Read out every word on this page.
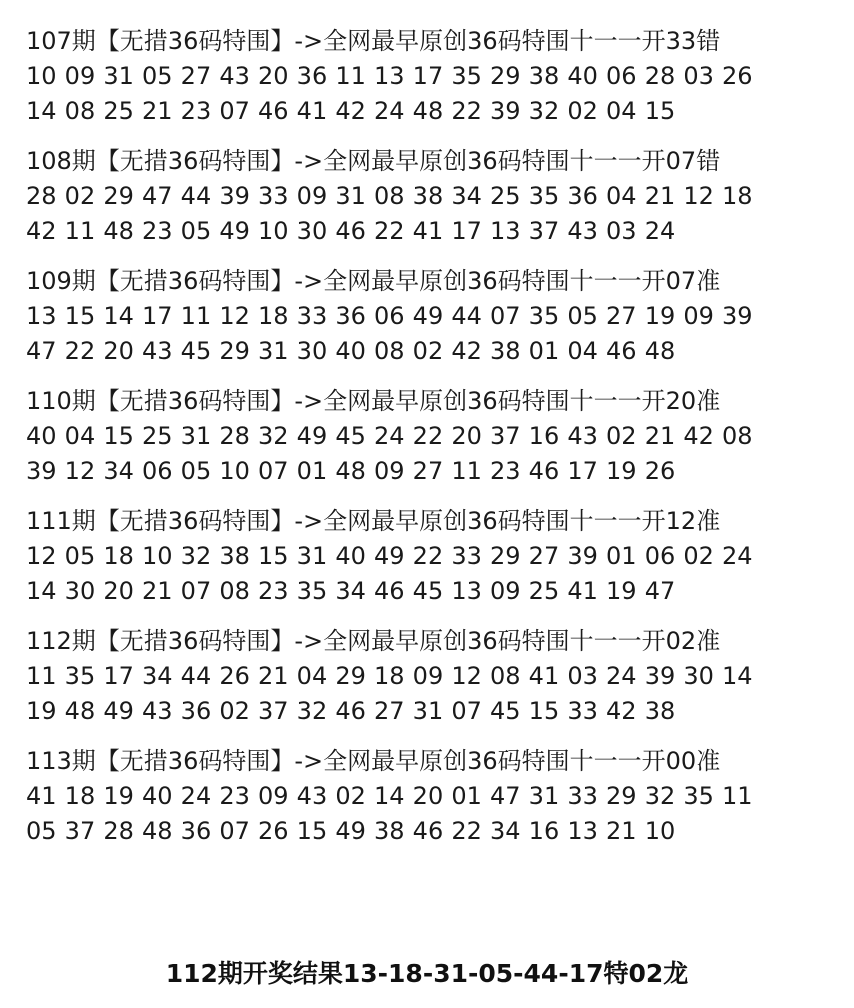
107期【无措36码特围】->全网最早原创36码特围十一一开33错
10 09 31 05 27 43 20 36 11 13 17 35 29 38 40 06 28 03 26
14 08 25 21 23 07 46 41 42 24 48 22 39 32 02 04 15
108期【无措36码特围】->全网最早原创36码特围十一一开07错
28 02 29 47 44 39 33 09 31 08 38 34 25 35 36 04 21 12 18
42 11 48 23 05 49 10 30 46 22 41 17 13 37 43 03 24
109期【无措36码特围】->全网最早原创36码特围十一一开07准
13 15 14 17 11 12 18 33 36 06 49 44 07 35 05 27 19 09 39
47 22 20 43 45 29 31 30 40 08 02 42 38 01 04 46 48
110期【无措36码特围】->全网最早原创36码特围十一一开20准
40 04 15 25 31 28 32 49 45 24 22 20 37 16 43 02 21 42 08
39 12 34 06 05 10 07 01 48 09 27 11 23 46 17 19 26
111期【无措36码特围】->全网最早原创36码特围十一一开12准
12 05 18 10 32 38 15 31 40 49 22 33 29 27 39 01 06 02 24
14 30 20 21 07 08 23 35 34 46 45 13 09 25 41 19 47
112期【无措36码特围】->全网最早原创36码特围十一一开02准
11 35 17 34 44 26 21 04 29 18 09 12 08 41 03 24 39 30 14
19 48 49 43 36 02 37 32 46 27 31 07 45 15 33 42 38
113期【无措36码特围】->全网最早原创36码特围十一一开00准
41 18 19 40 24 23 09 43 02 14 20 01 47 31 33 29 32 35 11
05 37 28 48 36 07 26 15 49 38 46 22 34 16 13 21 10
112期开奖结果13-18-31-05-44-17特02龙
